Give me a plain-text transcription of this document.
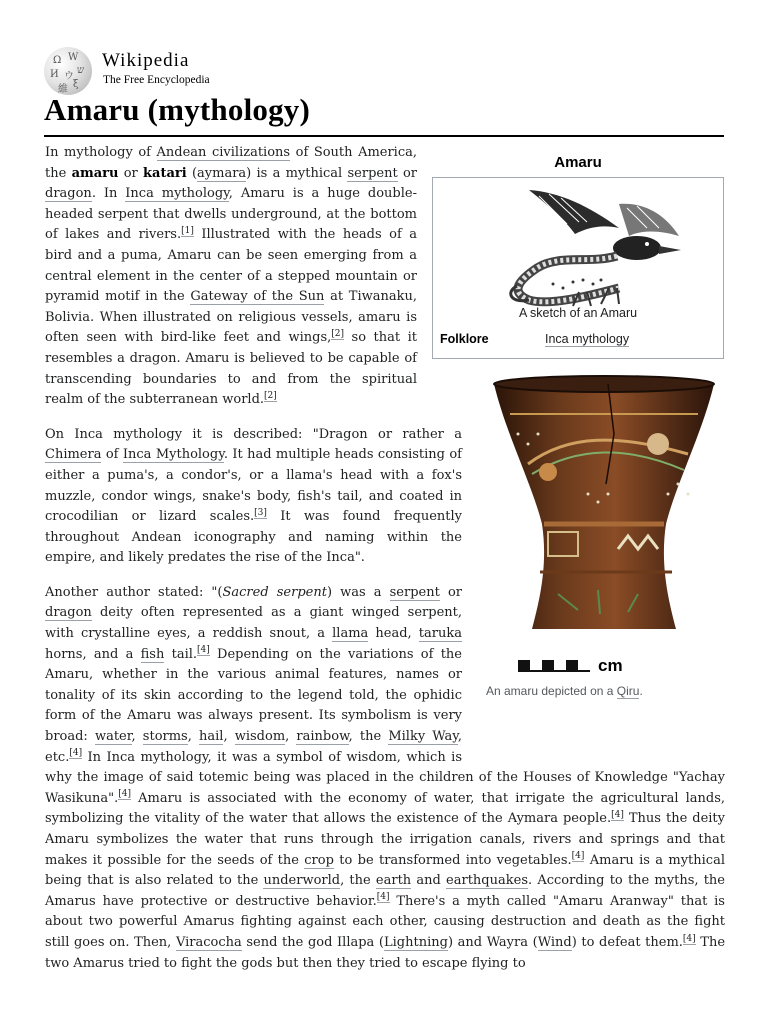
Ω W
И ウ
ש
維 ξ
Wikipedia
The Free Encyclopedia
Amaru (mythology)
Amaru
A sketch of an Amaru
Folklore	Inca mythology
cm
An amaru depicted on a Qiru.

In mythology of Andean civilizations of South America, the amaru or katari (aymara) is a mythical serpent or dragon. In Inca mythology, Amaru is a huge double-headed serpent that dwells underground, at the bottom of lakes and rivers.[1] Illustrated with the heads of a bird and a puma, Amaru can be seen emerging from a central element in the center of a stepped mountain or pyramid motif in the Gateway of the Sun at Tiwanaku, Bolivia. When illustrated on religious vessels, amaru is often seen with bird-like feet and wings,[2] so that it resembles a dragon. Amaru is believed to be capable of transcending boundaries to and from the spiritual realm of the subterranean world.[2]

On Inca mythology it is described: "Dragon or rather a Chimera of Inca Mythology. It had multiple heads consisting of either a puma's, a condor's, or a llama's head with a fox's muzzle, condor wings, snake's body, fish's tail, and coated in crocodilian or lizard scales.[3] It was found frequently throughout Andean iconography and naming within the empire, and likely predates the rise of the Inca".

Another author stated: "(Sacred serpent) was a serpent or dragon deity often represented as a giant winged serpent, with crystalline eyes, a reddish snout, a llama head, taruka horns, and a fish tail.[4] Depending on the variations of the Amaru, whether in the various animal features, names or tonality of its skin according to the legend told, the ophidic form of the Amaru was always present. Its symbolism is very broad: water, storms, hail, wisdom, rainbow, the Milky Way, etc.[4] In Inca mythology, it was a symbol of wisdom, which is why the image of said totemic being was placed in the children of the Houses of Knowledge "Yachay Wasikuna".[4] Amaru is associated with the economy of water, that irrigate the agricultural lands, symbolizing the vitality of the water that allows the existence of the Aymara people.[4] Thus the deity Amaru symbolizes the water that runs through the irrigation canals, rivers and springs and that makes it possible for the seeds of the crop to be transformed into vegetables.[4] Amaru is a mythical being that is also related to the underworld, the earth and earthquakes. According to the myths, the Amarus have protective or destructive behavior.[4] There's a myth called "Amaru Aranway" that is about two powerful Amarus fighting against each other, causing destruction and death as the fight still goes on. Then, Viracocha send the god Illapa (Lightning) and Wayra (Wind) to defeat them.[4] The two Amarus tried to fight the gods but then they tried to escape flying to
